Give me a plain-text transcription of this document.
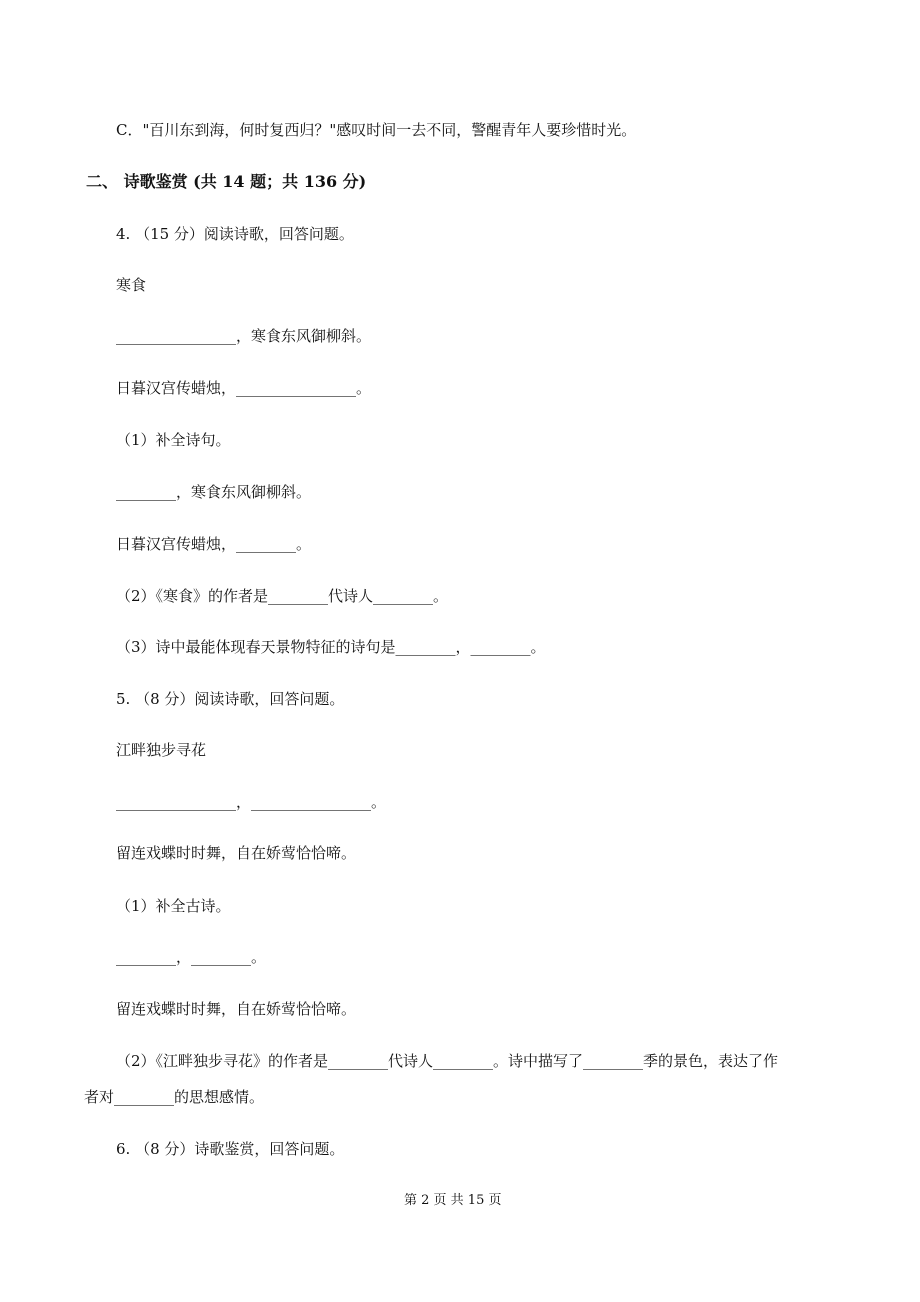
C．"百川东到海，何时复西归？"感叹时间一去不同，警醒青年人要珍惜时光。
二、 诗歌鉴赏 (共 14 题；共 136 分)
4. （15 分）阅读诗歌，回答问题。
寒食
________________，寒食东风御柳斜。
日暮汉宫传蜡烛，________________。
（1）补全诗句。
________，寒食东风御柳斜。
日暮汉宫传蜡烛，________。
（2）《寒食》的作者是________代诗人________。
（3）诗中最能体现春天景物特征的诗句是________，________。
5. （8 分）阅读诗歌，回答问题。
江畔独步寻花
________________，________________。
留连戏蝶时时舞，自在娇莺恰恰啼。
（1）补全古诗。
________，________。
留连戏蝶时时舞，自在娇莺恰恰啼。
（2）《江畔独步寻花》的作者是________代诗人________。诗中描写了________季的景色，表达了作
者对________的思想感情。
6. （8 分）诗歌鉴赏，回答问题。
第 2 页 共 15 页
